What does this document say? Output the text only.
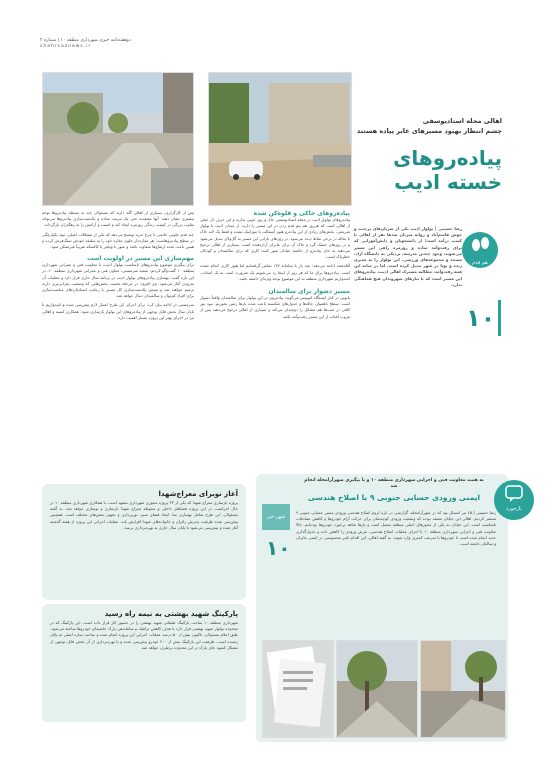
دوهفته‌نامه خبری شهرداری منطقه ۱۰ | شماره ۳
shahrsaznews.ir
اهالی محله استادیوسفی
چشم انتظار بهبود مسیرهای عابر پیاده هستند
پیاده‌روهای خسته ادیب
هم قدم
۱۰
رضا حسینی | بولوار ادیب یکی از شریان‌های پرجنب و جوش قاسم‌آباد و زوایه میزبان صدها نفر از اهالی با کسب درآمد است؛ از دانشجویان و دانش‌آموزانی که برای رفت‌وآمد ساده و روزمره راهی این مسیر می‌شوند، وجود چندین مدرسه، نزدیکی به دانشگاه آزاد، مسجد و مجموعه‌های ورزشی. این بولوار را به معبری زنده و پویا در شهر تبدیل کرده است. اما در میانه این همه رفت‌وآمد، مطالبه مشترک اهالی ادیب، پیاده‌روهای این مسیر است که با نیازهای شهروندان هیچ هماهنگی ندارد.
پیاده‌روهای خاکی و قلوه‌کن شده
پیاده‌روهای بولوار ادیب در محله استادیوسفی حال و روز خوبی ندارند و این حرف دل خیلی از اهالی است که هرروز هم بیم قدم زدن در این مسیر را دارند. از میدان ادیب تا بولوار شریعتی، بخش‌های زیادی از این پیاده‌رو هنوز آسفالت یا موزاییک نشده و فقط یک لایه خاک یا نخاله در برخی نقاط دیده می‌شود. در روزهای بارانی این مسیر به گل‌ولای تبدیل می‌شود و در روزهای خشک گرد و خاک آن برای عابران آزاردهنده است. بسیاری از اهالی ترجیح می‌دهند به جای پیاده‌رو از حاشیه خیابان عبور کنند؛ کاری که برای سالمندان و کودکان خطرناک است.
آقامحمد ادامه می‌دهد: چند بار با سامانه ۱۳۷ تماس گرفته‌ایم اما هنوز کاری انجام نشده است. پیاده‌روها برای ما که هر روز از اینجا رد می‌شویم یک ضرورت است نه یک انتخاب. امیدواریم شهرداری منطقه به این موضوع توجه ویژه‌ای داشته باشد.
مسیر دشوار برای سالمندان
بانویی در کنار ایستگاه اتوبوس می‌گوید: پیاده‌روی در این بولوار برای سالمندان واقعاً دشوار است. سطح ناهموار، چاله‌ها و جدول‌های شکسته باعث شده بارها زمین بخوریم. نبود نور کافی در شب‌ها هم مشکل را دوچندان می‌کند و بسیاری از اهالی ترجیح می‌دهند پس از غروب آفتاب از این مسیر رفت‌وآمد نکنند.
پس از کارگزاری، بسیاری از اهالی گله دارند که مسئولان باید به مسئله پیاده‌روها توجه بیشتری نشان دهند. آنها معتقدند حتی یک مرمت ساده و یکدست‌سازی پیاده‌روها می‌تواند تفاوت بزرگی در کیفیت زندگی روزمره ایجاد کند و امنیت و آرامش را به رهگذران بازگرداند.
چند قدم جلوتر، خانمی با چرخ خرید توضیح می‌دهد که یکی از مشکلات اصلی، نبود یکپارچگی در سطح پیاده‌روهاست؛ هر مغازه‌دار جلوی مغازه خود را به سلیقه خودش سنگ‌فرش کرده و همین باعث شده ارتفاع‌ها متفاوت باشد و عبور با ویلچر یا کالسکه تقریباً غیرممکن شود.
مهم‌سازی این مسیر در اولویت است
برای پیگیری موضوع پیاده‌روهای نامناسب بولوار ادیب، با معاونت فنی و عمرانی شهرداری منطقه ۱۰ گفت‌وگو کردیم. سعید سرمستی، معاون فنی و عمرانی شهرداری منطقه ۱۰، در این باره گفت: بهسازی پیاده‌روهای بولوار ادیب در برنامه سال جاری قرار دارد و عملیات آن به‌زودی آغاز می‌شود. وی افزود: در مرحله نخست بخش‌هایی که وضعیت بحرانی‌تری دارند ترمیم خواهند شد و سپس یکدست‌سازی کل مسیر با رعایت استانداردهای مناسب‌سازی برای افراد کم‌توان و سالمندان دنبال خواهد شد.
سرمستی در ادامه بیان کرد: برای اجرای این طرح اعتبار لازم پیش‌بینی شده و امیدواریم تا پایان سال بخش قابل توجهی از پیاده‌روهای این بولوار بازسازی شود. همکاری کسبه و اهالی نیز در اجرای بهتر این پروژه بسیار اهمیت دارد.
بازخورد
به همت معاونت فنی و اجرایی شهرداری منطقه ۱۰ و با پیگیری شهرآرامحله انجام شد
ایمنی ورودی حسابی جنوبی ۹ با اصلاح هندسی
شهر خبر
۱۰
رضا حسینی | ۲۵ تیر امسال بود که در شهرآرامحله، گزارشی در باره لزوم اصلاح هندسی ورودی مسیر حسابی جنوبی ۹ منتشر کردیم. اهالی این خیابان معتقد بودند که وضعیت ورودی کوچه‌شان برای حرکت آرام خودروها و کاهش تصادفات نامناسب است. این خیابان به یکی از محورهای اصلی منطقه متصل است و بارها شاهد برخورد خودروها بوده‌ایم. حالا معاونت فنی و اجرایی شهرداری منطقه ۱۰ با اجرای عملیات اصلاح هندسی، عرض ورودی را کاهش داده و جدول‌گذاری جدید انجام شده است تا خودروها با سرعت کمتری وارد شوند. به گفته اهالی، این اقدام تاثیر محسوسی در ایمنی عابران و ساکنان داشته است.
آغاز نوبرای معراج‌شهدا
پروژه بازسازی معراج شهدا که یکی از ۴۳ پروژه محوری شهرداری مشهد است، با همکاری شهرداری منطقه ۱۰ در حال اجراست. در این پروژه فضاهای داخلی و محوطه معراج شهدا بازسازی و نوسازی خواهد شد. به گفته مسئولان، این طرح شامل بهسازی نما، ایجاد فضای سبز، نورپردازی و تجهیز بخش‌های مختلف است. همچنین پیش‌بینی شده ظرفیت پذیرش زائران و خانواده‌های شهدا افزایش یابد. عملیات اجرایی این پروژه از هفته گذشته آغاز شده و پیش‌بینی می‌شود تا پایان سال جاری به بهره‌برداری برسد.
پارکینگ شهید بهشتی به نیمه راه رسید
شهرداری منطقه ۱۰ ساخت پارکینگ طبقاتی شهید بهشتی را در دستور کار قرار داده است. این پارکینگ که در محدوده بولوار شهید بهشتی قرار دارد با هدف کاهش ترافیک و ساماندهی پارک حاشیه‌ای خودروها ساخته می‌شود. طبق اعلام مسئولان، تاکنون بیش از ۵۰ درصد عملیات اجرایی این پروژه انجام شده و ساخت سازه اصلی به پایان رسیده است. ظرفیت این پارکینگ بیش از ۴۰۰ خودرو پیش‌بینی شده و با بهره‌برداری از آن بخش قابل توجهی از مشکل کمبود جای پارک در این محدوده برطرف خواهد شد.
